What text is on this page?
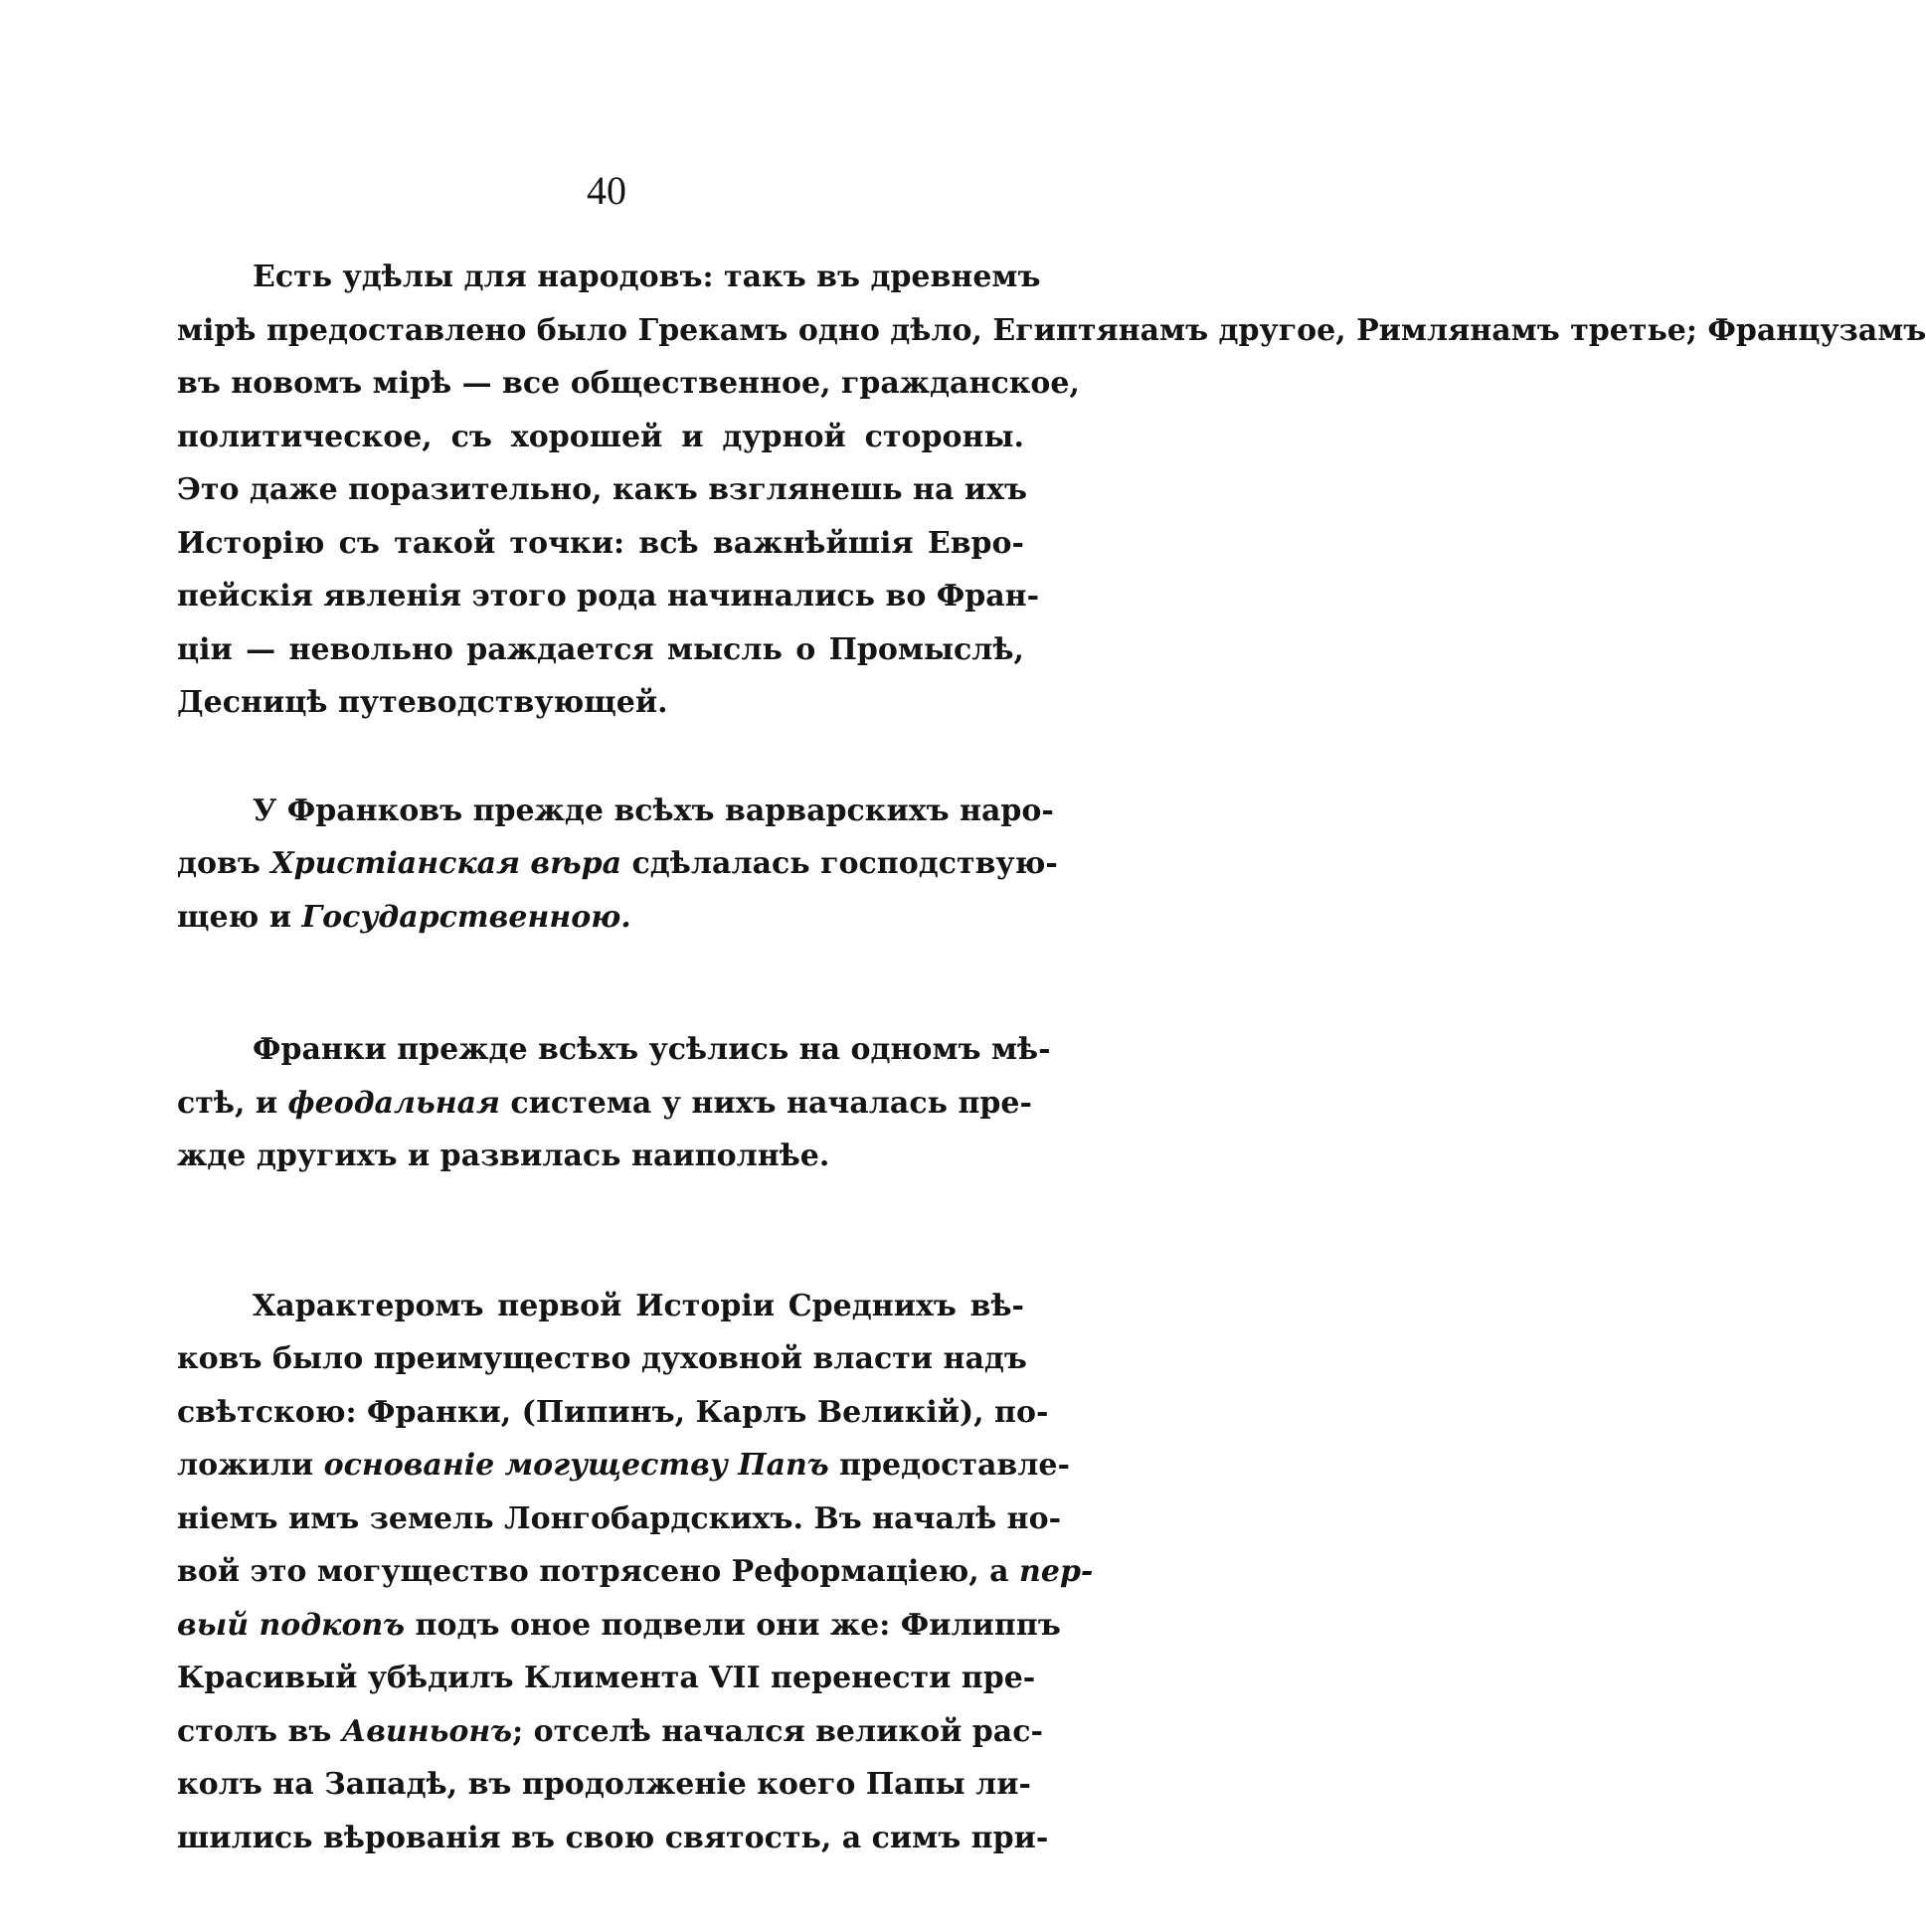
40
Есть удѣлы для народовъ: такъ въ древнемъ
мірѣ предоставлено было Грекамъ одно дѣло, Египтянамъ другое, Римлянамъ третье; Французамъ
въ новомъ мірѣ — все общественное, гражданское,
политическое, съ хорошей и дурной стороны.
Это даже поразительно, какъ взглянешь на ихъ
Исторію съ такой точки: всѣ важнѣйшія Евро-
пейскія явленія этого рода начинались во Фран-
ціи — невольно раждается мысль о Промыслѣ,
Десницѣ путеводствующей.
У Франковъ прежде всѣхъ варварскихъ наро-
довъ Христіанская вѣра сдѣлалась господствую-
щею и Государственною.
Франки прежде всѣхъ усѣлись на одномъ мѣ-
стѣ, и феодальная система у нихъ началась пре-
жде другихъ и развилась наиполнѣе.
Характеромъ первой Исторіи Среднихъ вѣ-
ковъ было преимущество духовной власти надъ
свѣтскою: Франки, (Пипинъ, Карлъ Великій), по-
ложили основаніе могуществу Папъ предоставле-
ніемъ имъ земель Лонгобардскихъ. Въ началѣ но-
вой это могущество потрясено Реформаціею, а пер-
вый подкопъ подъ оное подвели они же: Филиппъ
Красивый убѣдилъ Климента VII перенести пре-
столъ въ Авиньонъ; отселѣ начался великой рас-
колъ на Западѣ, въ продолженіе коего Папы ли-
шились вѣрованія въ свою святость, а симъ при-
